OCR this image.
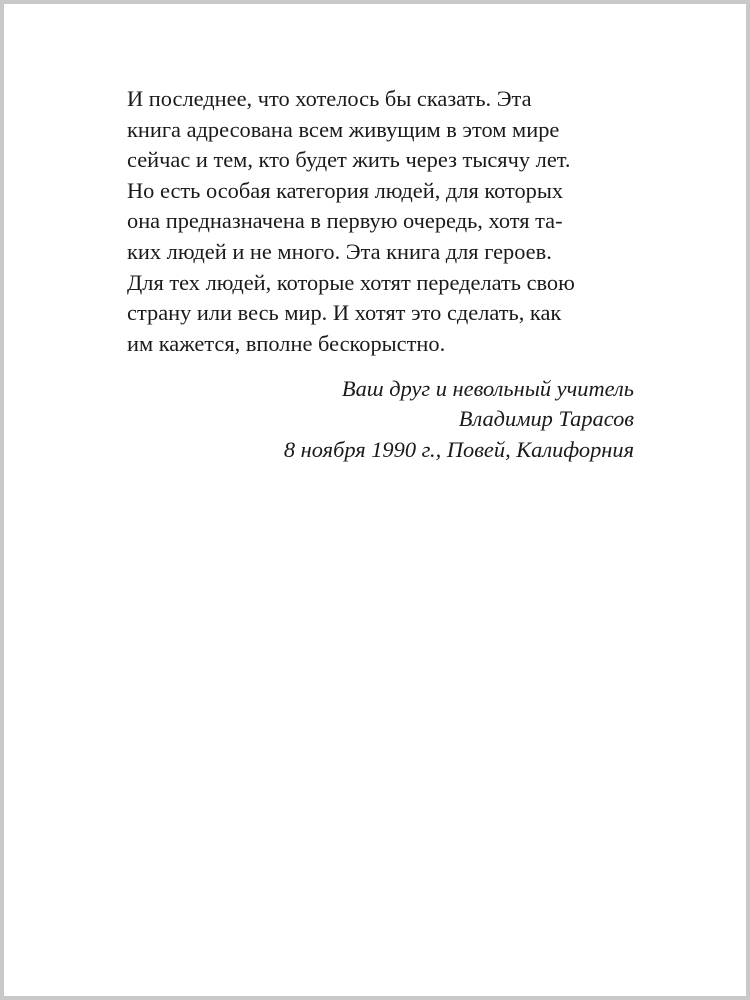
И последнее, что хотелось бы сказать. Эта
книга адресована всем живущим в этом мире
сейчас и тем, кто будет жить через тысячу лет.
Но есть особая категория людей, для которых
она предназначена в первую очередь, хотя та-
ких людей и не много. Эта книга для героев.
Для тех людей, которые хотят переделать свою
страну или весь мир. И хотят это сделать, как
им кажется, вполне бескорыстно.
Ваш друг и невольный учитель
Владимир Тарасов
8 ноября 1990 г., Повей, Калифорния
